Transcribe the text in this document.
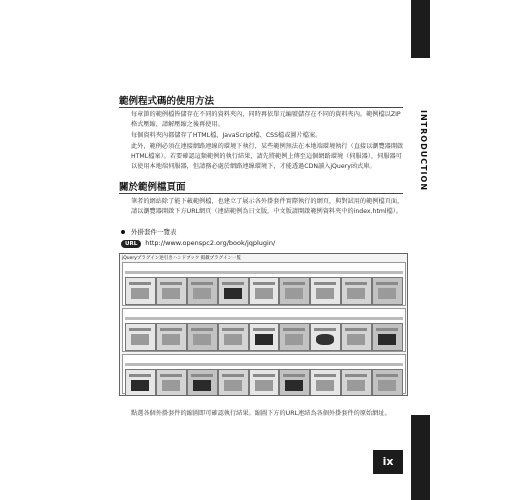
範例程式碼的使用方法
每章節的範例檔皆儲存在不同的資料夾內，同時再依單元編號儲存在不同的資料夾內。範例檔以ZIP格式壓縮，請解壓縮之後再使用。
每個資料夾內都儲存了HTML檔、JavaScript檔、CSS檔或圖片檔案。
此外，範例必須在連接網路連線的環境下執行，某些範例無法在本地端環境執行（直接以瀏覽器開啟HTML檔案）。若要確認這類範例的執行結果，請先將範例上傳至這個網路環境（伺服器），伺服器可以使用本地端伺服器，但請務必處於網路連線環境下，才能透過CDN讀入jQuery函式庫。
關於範例檔頁面
筆者的網站除了能下載範例檔，也建立了展示各外掛套件實際執行的網頁，與對試用的範例檔頁面，請以瀏覽器開啟下方URL網頁（連結範例為日文版，中文版請開啟範例資料夾中的index.html檔）。
外掛套件一覽表
URL http://www.openspc2.org/book/jqplugin/
jQueryプラグイン逆引きハンドブック 掲載プラグイン一覧
點選各個外掛套件的縮圖即可確認執行結果。縮圖下方的URL連結為各個外掛套件的原始網址。
INTRODUCTION
ix
